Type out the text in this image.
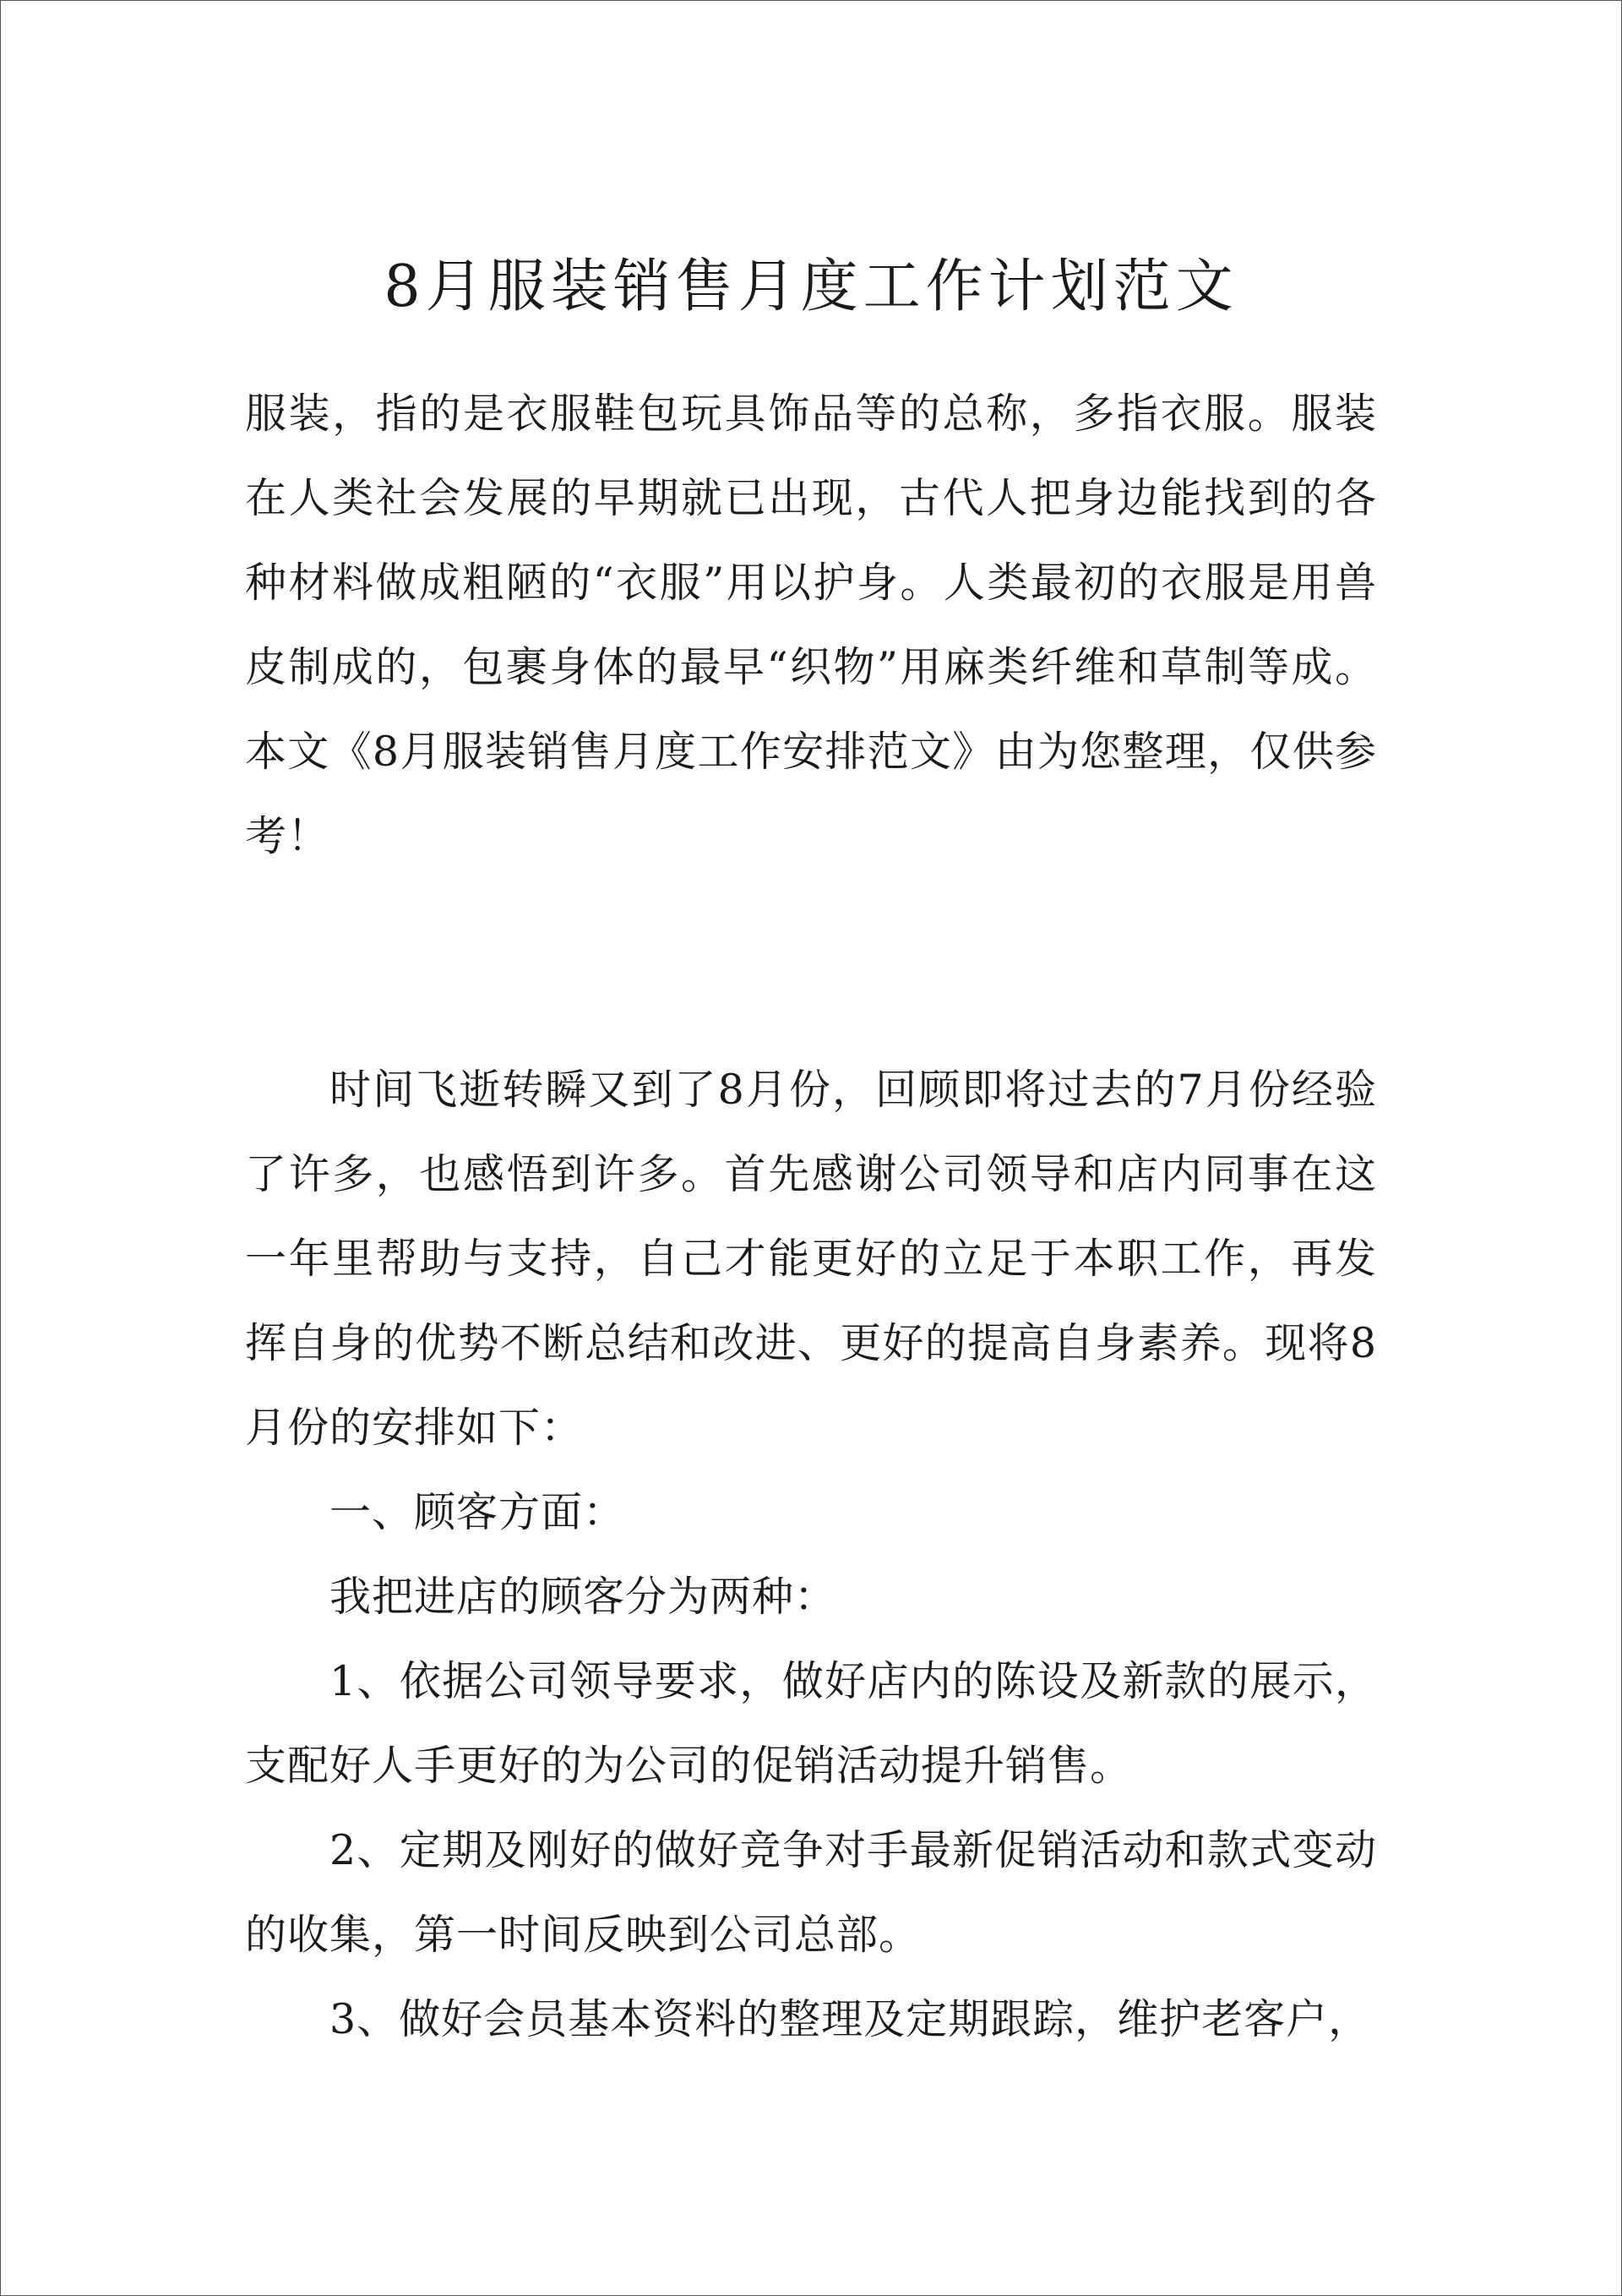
8月服装销售月度工作计划范文

服装，指的是衣服鞋包玩具饰品等的总称，多指衣服。服装在人类社会发展的早期就已出现，古代人把身边能找到的各种材料做成粗陋的“衣服”用以护身。人类最初的衣服是用兽皮制成的，包裹身体的最早“织物”用麻类纤维和草制等成。本文《8月服装销售月度工作安排范文》由为您整理，仅供参考！

时间飞逝转瞬又到了8月份，回顾即将过去的7月份经验了许多，也感悟到许多。首先感谢公司领导和店内同事在这一年里帮助与支持，自己才能更好的立足于本职工作，再发挥自身的优势不断总结和改进、更好的提高自身素养。现将8月份的安排如下：

一、顾客方面：

我把进店的顾客分为两种：

1、依据公司领导要求，做好店内的陈设及新款的展示，支配好人手更好的为公司的促销活动提升销售。

2、定期及刚好的做好竞争对手最新促销活动和款式变动的收集，第一时间反映到公司总部。

3、做好会员基本资料的整理及定期跟踪，维护老客户，
